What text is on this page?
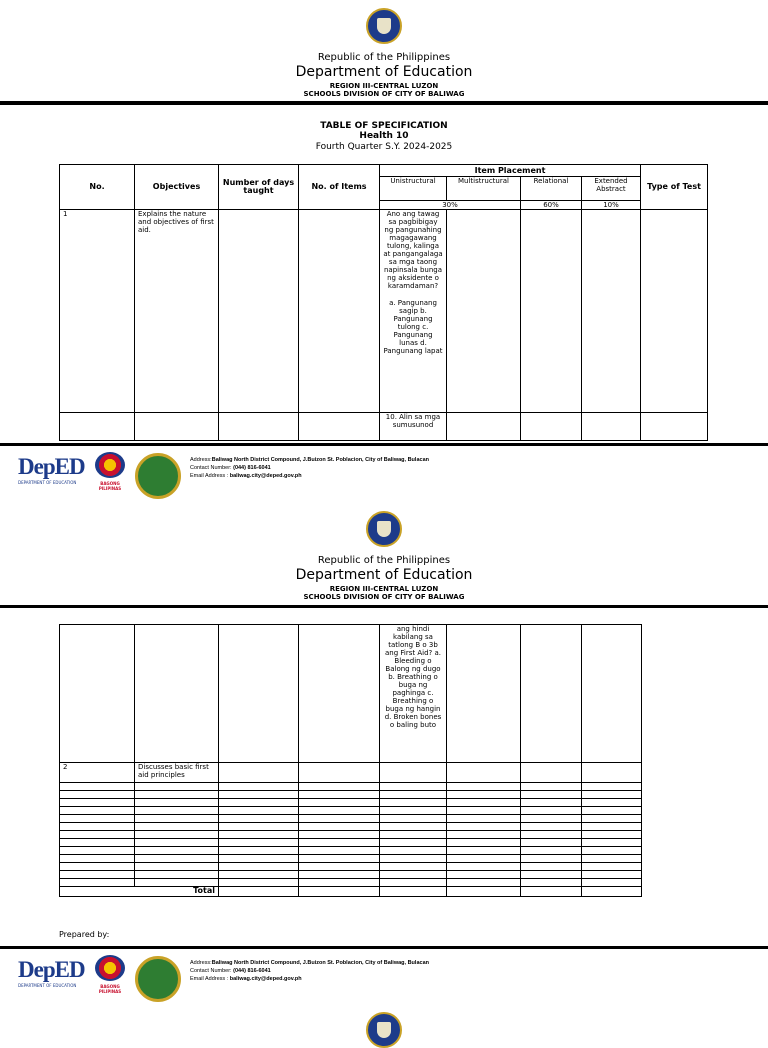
Republic of the Philippines
Department of Education
REGION III-CENTRAL LUZON
SCHOOLS DIVISION OF CITY OF BALIWAG
TABLE OF SPECIFICATION
Health 10
Fourth Quarter S.Y. 2024-2025
No.	Objectives	Number of days taught	No. of Items	Item Placement				Type of Test
				Unistructural	Multistructural	Relational	Extended Abstract	
				30%		60%	10%	
1	Explains the nature and objectives of first aid.			Ano ang tawag sa pagbibigay ng pangunahing magagawang tulong, kalinga at pangangalaga sa mga taong napinsala bunga ng aksidente o karamdaman?
a. Pangunang sagip b. Pangunang tulong c. Pangunang lunas d. Pangunang lapat				

				10. Alin sa mga sumusunod				
DepED
DEPARTMENT OF EDUCATION	BAGONG PILIPINAS
Address:Baliwag North District Compound, J.Buizon St. Poblacion, City of Baliwag, Bulacan
Contact Number: (044) 816-6041
Email Address : baliwag.city@deped.gov.ph
Republic of the Philippines
Department of Education
REGION III-CENTRAL LUZON
SCHOOLS DIVISION OF CITY OF BALIWAG
				ang hindi kabilang sa tatlong B o 3b ang First Aid? a. Bleeding o Balong ng dugo b. Breathing o buga ng paghinga c. Breathing o buga ng hangin d. Broken bones o baling buto			
2	Discusses basic first aid principles						

Total							
Prepared by:
DepED
DEPARTMENT OF EDUCATION	BAGONG PILIPINAS
Address:Baliwag North District Compound, J.Buizon St. Poblacion, City of Baliwag, Bulacan
Contact Number: (044) 816-6041
Email Address : baliwag.city@deped.gov.ph
